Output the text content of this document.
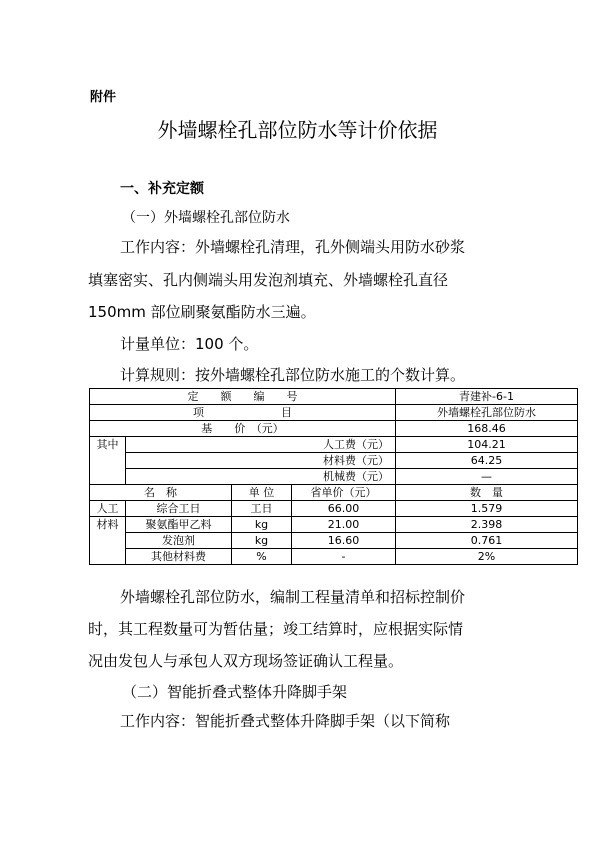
附件
外墙螺栓孔部位防水等计价依据
一、补充定额
（一）外墙螺栓孔部位防水
工作内容：外墙螺栓孔清理，孔外侧端头用防水砂浆
填塞密实、孔内侧端头用发泡剂填充、外墙螺栓孔直径
150mm 部位刷聚氨酯防水三遍。
计量单位：100 个。
计算规则：按外墙螺栓孔部位防水施工的个数计算。
定　　额　　编　　号				青建补-6-1
项　　　　　　　目				外墙螺栓孔部位防水
基　　价　（元）				168.46
其中	人工费（元）			104.21
	材料费（元）			64.25
	机械费（元）			—
名　称		单 位	省单价（元）	数　量
人工	综合工日	工日	66.00	1.579
材料	聚氨酯甲乙料	kg	21.00	2.398
	发泡剂	kg	16.60	0.761
	其他材料费	%	-	2%
外墙螺栓孔部位防水，编制工程量清单和招标控制价
时，其工程数量可为暂估量；竣工结算时，应根据实际情
况由发包人与承包人双方现场签证确认工程量。
（二）智能折叠式整体升降脚手架
工作内容：智能折叠式整体升降脚手架（以下简称
